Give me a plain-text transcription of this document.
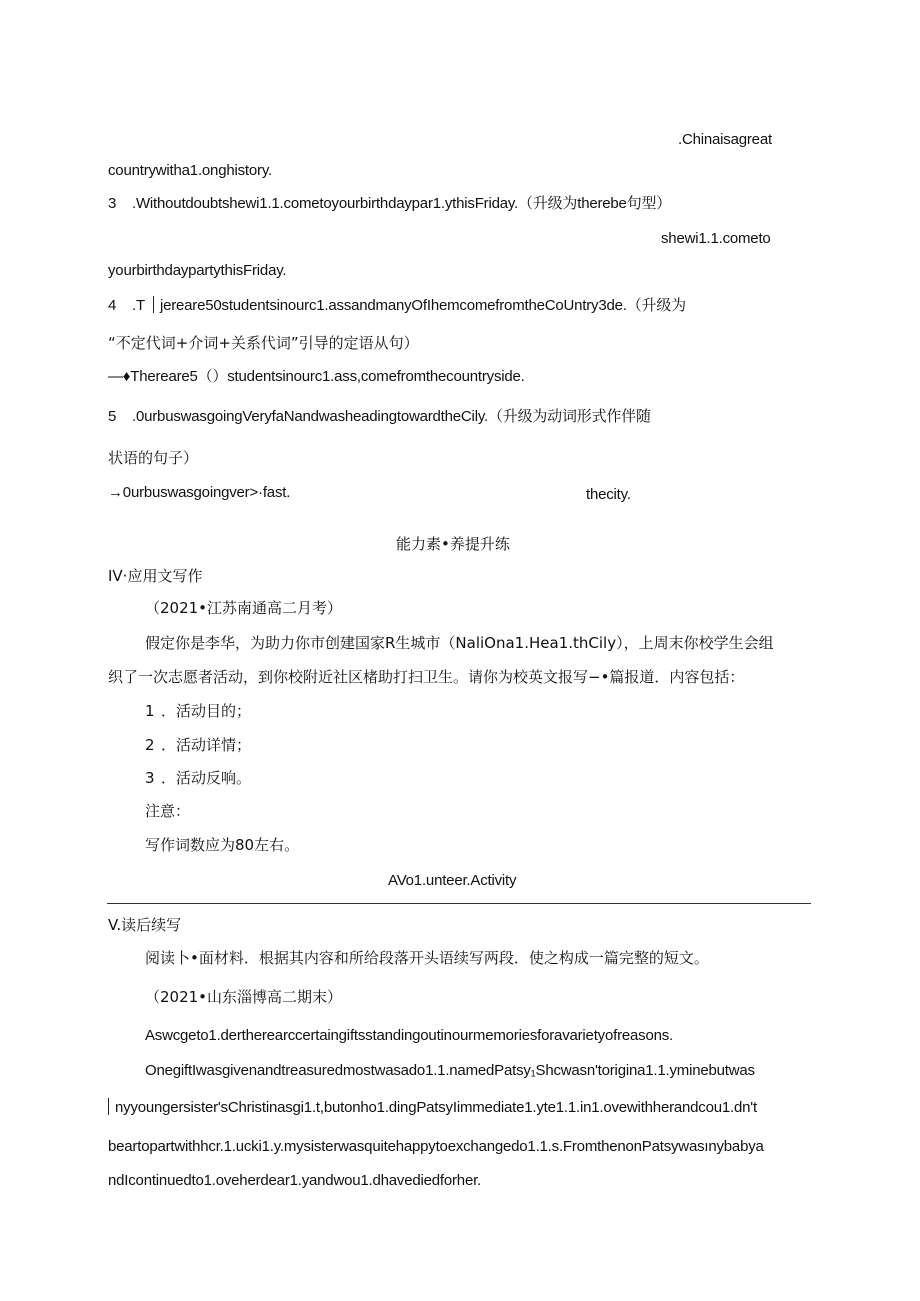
.Chinaisagreat
countrywitha1.onghistory.
3 .Withoutdoubtshewi1.1.cometoyourbirthdaypar1.ythisFriday.（升级为therebe句型）
shewi1.1.cometo
yourbirthdaypartythisFriday.
4 .T jereare50studentsinourc1.assandmanyOfIhemcomefromtheCoUntry3de.（升级为
“不定代词+介词+关系代词”引导的定语从句）
—♦Thereare5（）studentsinourc1.ass,comefromthecountryside.
5 .0urbuswasgoingVeryfaNandwasheadingtowardtheCily.（升级为动词形式作伴随
状语的句子）
→0urbuswasgoingver>·fast.	thecity.
能力素•养提升练
IV·应用文写作
（2021•江苏南通高二月考）
假定你是李华，为助力你市创建国家R生城市（NaliOna1.Hea1.thCily），上周末你校学生会组
织了一次志愿者活动，到你校附近社区楮助打扫卫生。请你为校英文报写−•篇报道．内容包括：
1 ．活动目的；
2 ．活动详情；
3 ．活动反响。
注意：
写作词数应为80左右。
AVo1.unteer.Activity
V.读后续写
阅读卜•面材料．根据其内容和所给段落开头语续写两段．使之构成一篇完整的短文。
（2021•山东淄博高二期末）
Aswcgeto1.dertherearccertaingiftsstandingoutinourmemoriesforavarietyofreasons.
OnegiftIwasgivenandtreasuredmostwasado1.1.namedPatsy₁Shcwasn'torigina1.1.yminebutwas
nyyoungersister'sChristinasgi1.t,butonho1.dingPatsyIimmediate1.yte1.1.in1.ovewithherandcou1.dn't
beartopartwithhcr.1.ucki1.y.mysisterwasquitehappytoexchangedo1.1.s.FromthenonPatsywasınybabya
ndIcontinuedto1.oveherdear1.yandwou1.dhavediedforher.
